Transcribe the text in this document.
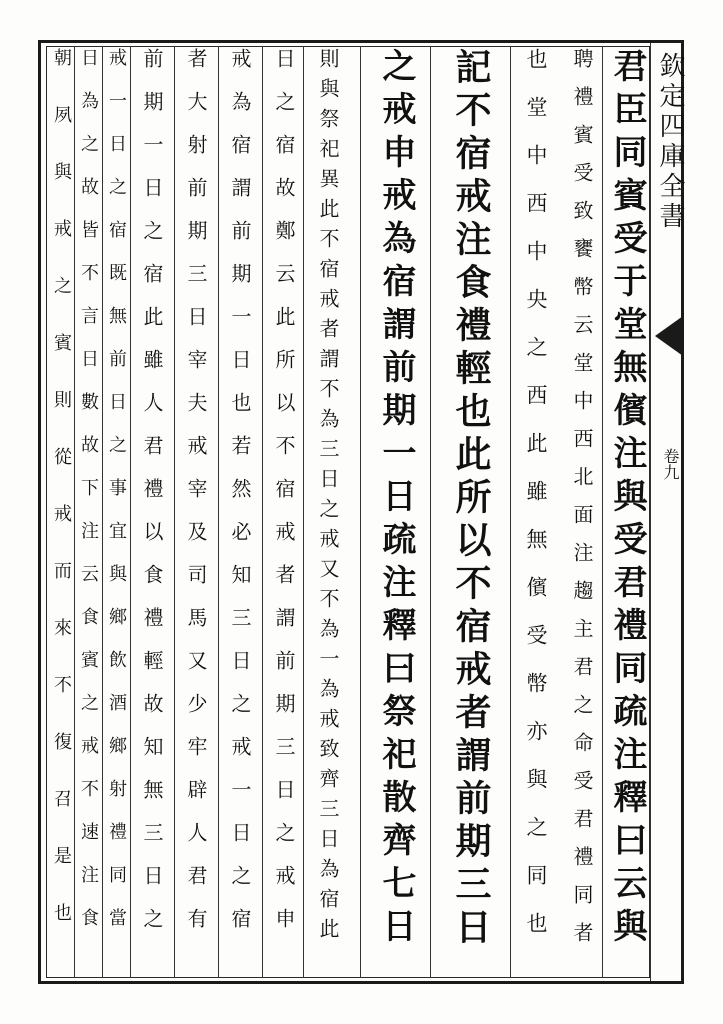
欽定四庫全書
卷九
君臣同賓受于堂無儐注與受君禮同疏注釋曰云與
聘禮賓受致饔幣云堂中西北面注趨主君之命受君禮同者
也堂中西中央之西此雖無儐受幣亦與之同也
記不宿戒注食禮輕也此所以不宿戒者謂前期三日
之戒申戒為宿謂前期一日疏注釋曰祭祀散齊七日
則與祭祀異此不宿戒者謂不為三日之戒又不為一為戒致齊三日為宿此
日之宿故鄭云此所以不宿戒者謂前期三日之戒申
戒為宿謂前期一日也若然必知三日之戒一日之宿
者大射前期三日宰夫戒宰及司馬又少牢辟人君有
前期一日之宿此雖人君禮以食禮輕故知無三日之
戒一日之宿既無前日之事宜與鄉飲酒鄉射禮同當
日為之故皆不言日數故下注云食賓之戒不速注食
朝夙與戒之賓則從戒而來不復召是也
